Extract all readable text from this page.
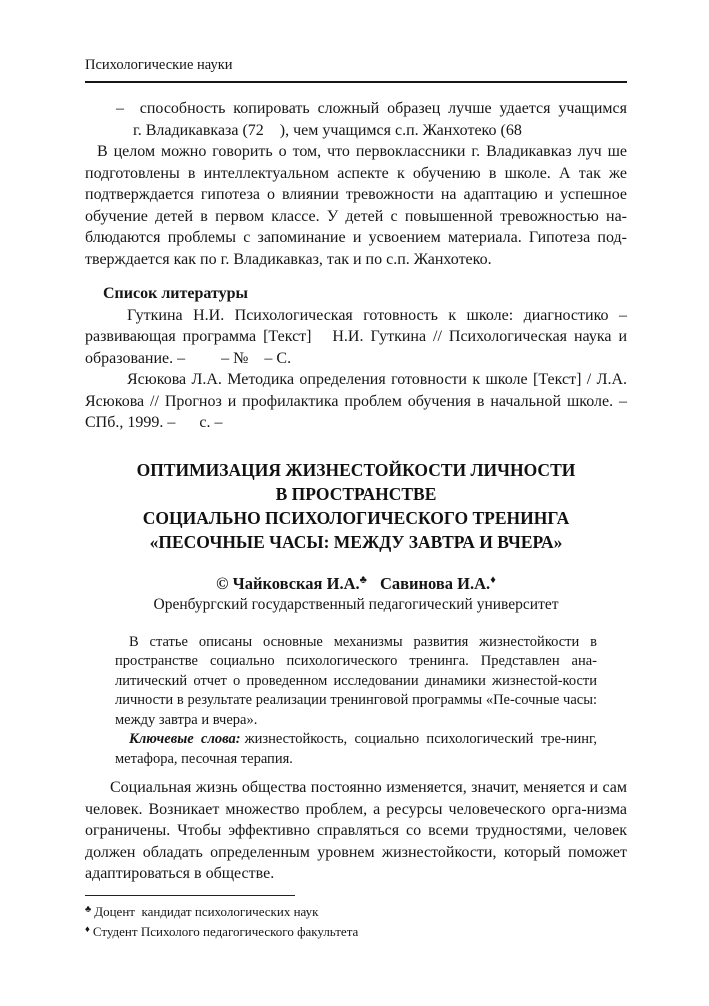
Психологические науки

–  способность копировать сложный образец лучше удается учащимся г. Владикавказа (72    ), чем учащимся с.п. Жанхотеко (68

В целом можно говорить о том, что первоклассники г. Владикавказ луч ше подготовлены в интеллектуальном аспекте к обучению в школе. А так же подтверждается гипотеза о влиянии тревожности на адаптацию и успешное обучение детей в первом классе. У детей с повышенной тревожностью на-блюдаются проблемы с запоминание и усвоением материала. Гипотеза под-тверждается как по г. Владикавказ, так и по с.п. Жанхотеко.

Список литературы

Гуткина Н.И. Психологическая готовность к школе: диагностико – развивающая программа [Текст]   Н.И. Гуткина // Психологическая наука и образование. –         – №    – С.

Ясюкова Л.А. Методика определения готовности к школе [Текст] / Л.А. Ясюкова // Прогноз и профилактика проблем обучения в начальной школе. – СПб., 1999. –      с. –

ОПТИМИЗАЦИЯ ЖИЗНЕСТОЙКОСТИ ЛИЧНОСТИ
В ПРОСТРАНСТВЕ
СОЦИАЛЬНО ПСИХОЛОГИЧЕСКОГО ТРЕНИНГА
«ПЕСОЧНЫЕ ЧАСЫ: МЕЖДУ ЗАВТРА И ВЧЕРА»

© Чайковская И.А.♣ Савинова И.А.♦

Оренбургский государственный педагогический университет

В статье описаны основные механизмы развития жизнестойкости в пространстве социально психологического тренинга. Представлен ана-литический отчет о проведенном исследовании динамики жизнестой-кости личности в результате реализации тренинговой программы «Пе-сочные часы: между завтра и вчера».

Ключевые слова: жизнестойкость, социально психологический тре-нинг, метафора, песочная терапия.

Социальная жизнь общества постоянно изменяется, значит, меняется и сам человек. Возникает множество проблем, а ресурсы человеческого орга-низма ограничены. Чтобы эффективно справляться со всеми трудностями, человек должен обладать определенным уровнем жизнестойкости, который поможет адаптироваться в обществе.

♣ Доцент  кандидат психологических наук

♦ Студент Психолого педагогического факультета
